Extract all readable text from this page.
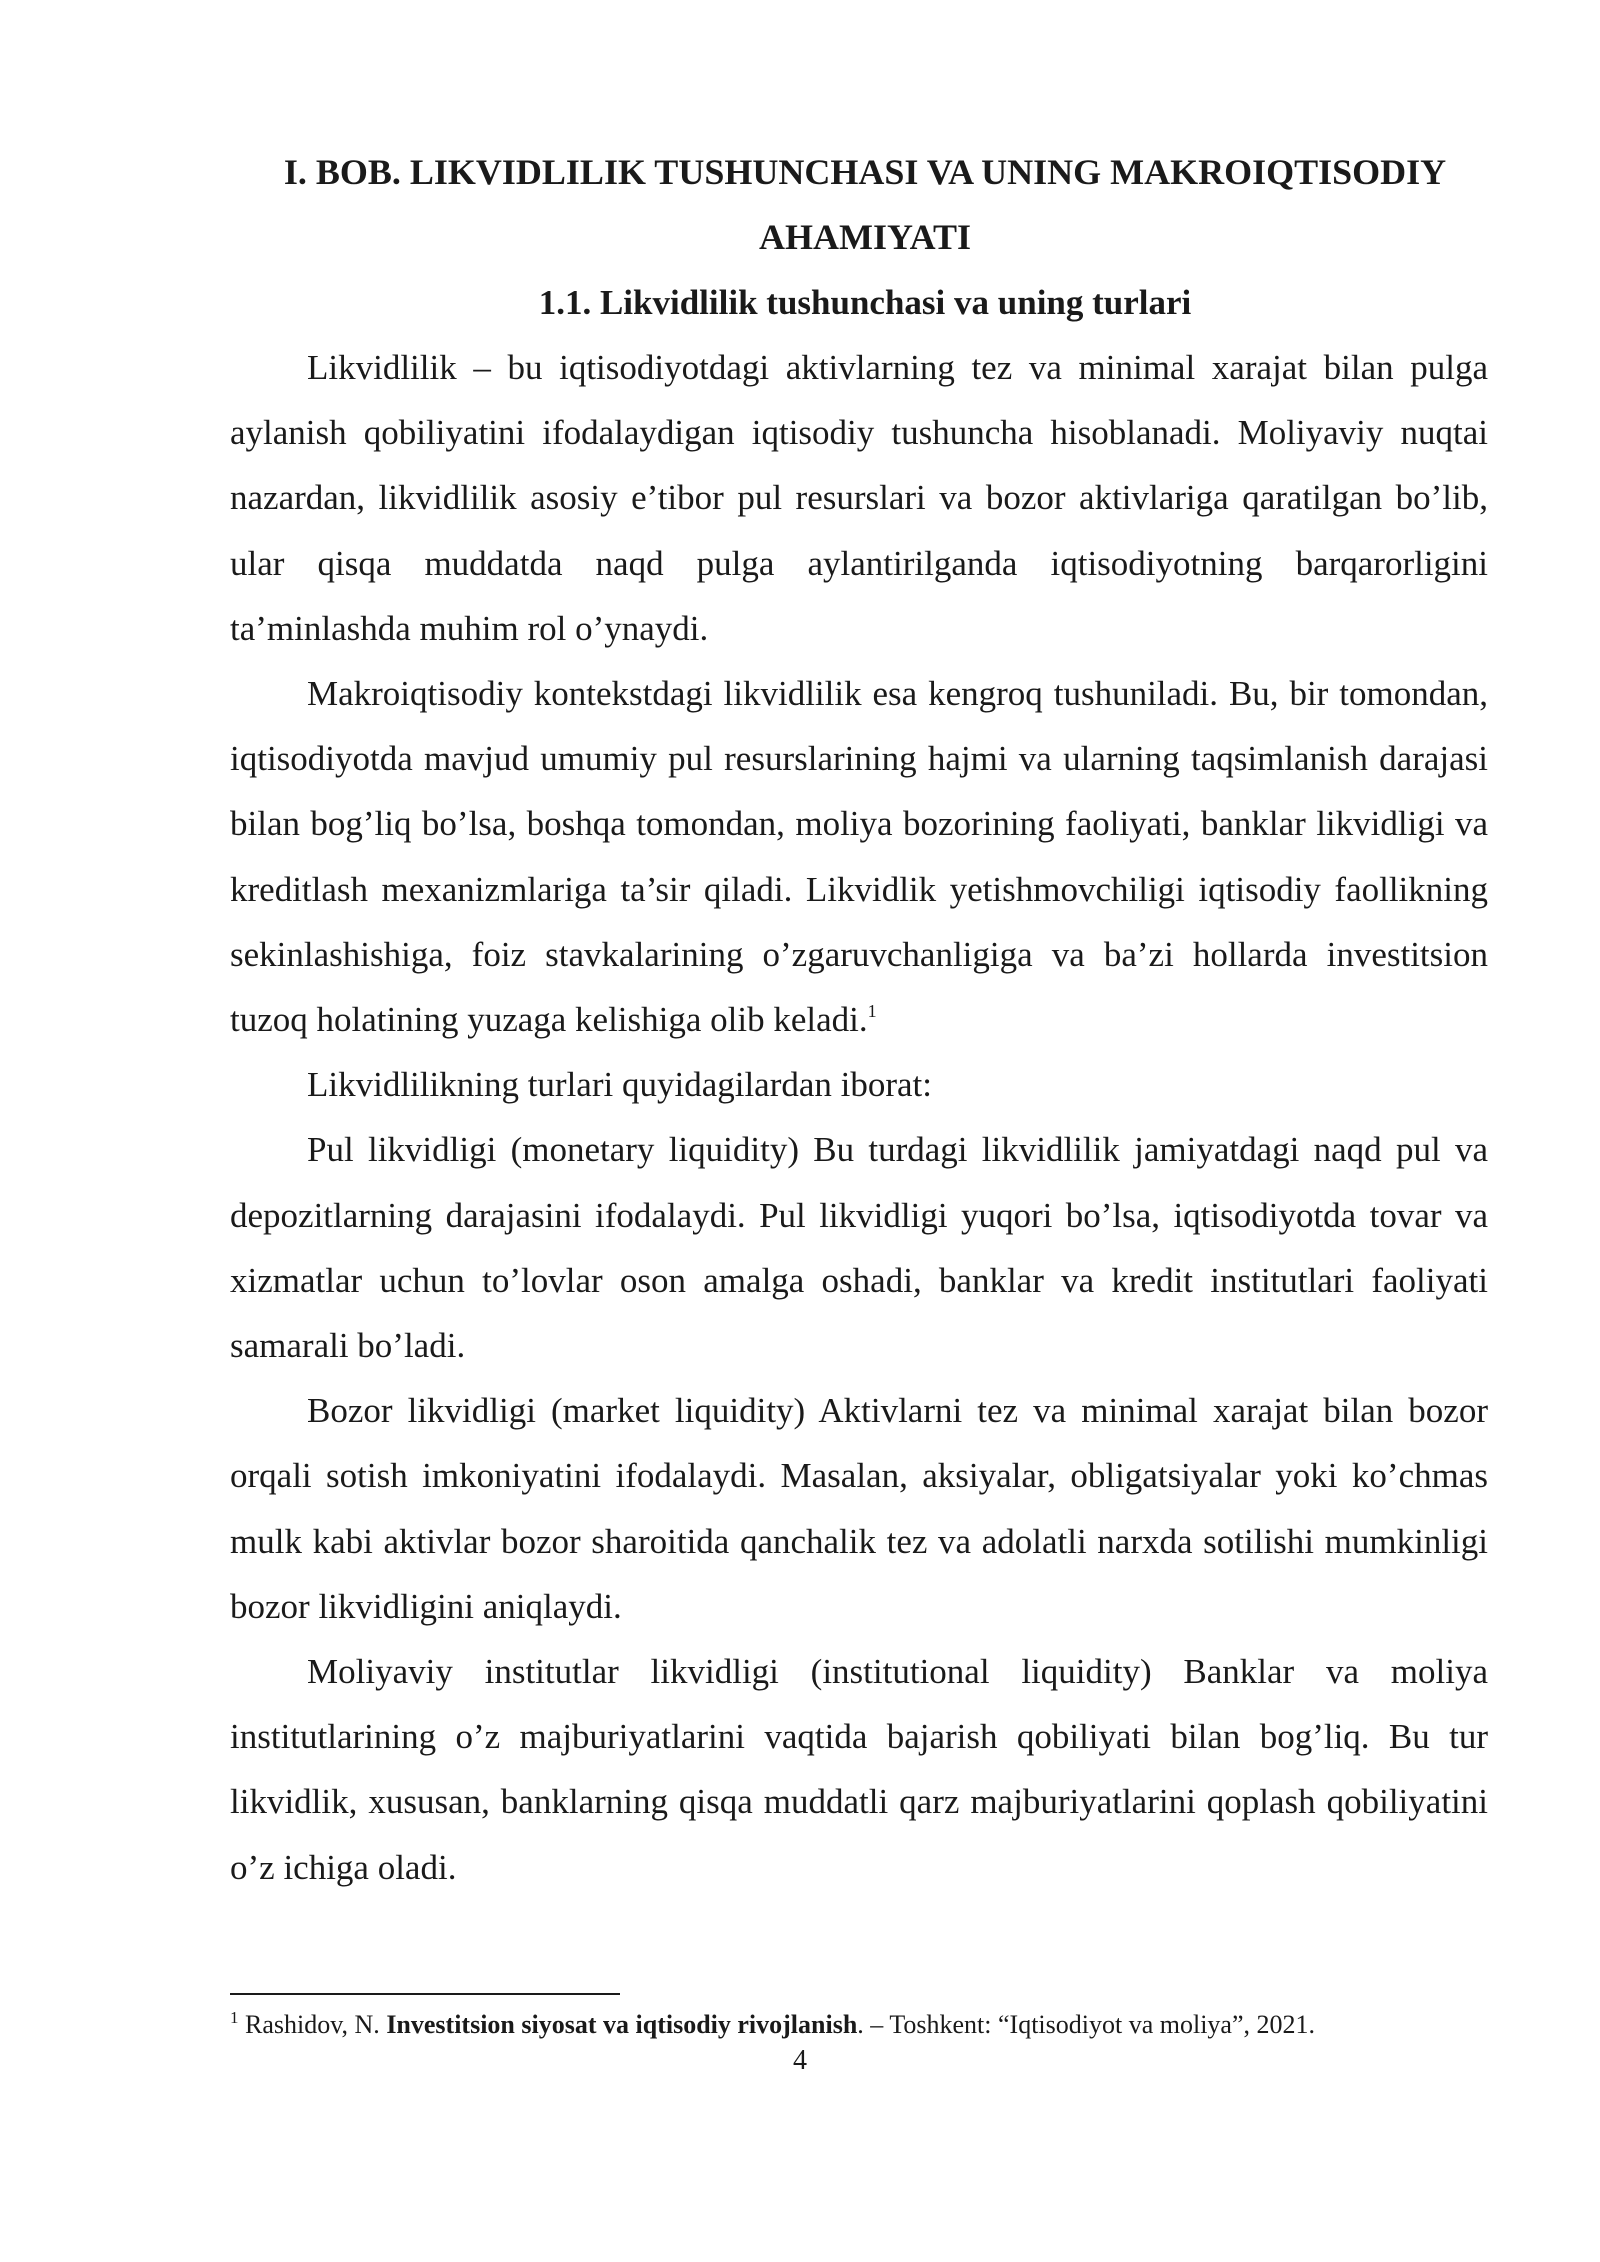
I. BOB. LIKVIDLILIK TUSHUNCHASI VA UNING MAKROIQTISODIY

AHAMIYATI

1.1. Likvidlilik tushunchasi va uning turlari

Likvidlilik – bu iqtisodiyotdagi aktivlarning tez va minimal xarajat bilan pulga aylanish qobiliyatini ifodalaydigan iqtisodiy tushuncha hisoblanadi. Moliyaviy nuqtai nazardan, likvidlilik asosiy e’tibor pul resurslari va bozor aktivlariga qaratilgan bo’lib, ular qisqa muddatda naqd pulga aylantirilganda iqtisodiyotning barqarorligini ta’minlashda muhim rol o’ynaydi.

Makroiqtisodiy kontekstdagi likvidlilik esa kengroq tushuniladi. Bu, bir tomondan, iqtisodiyotda mavjud umumiy pul resurslarining hajmi va ularning taqsimlanish darajasi bilan bog’liq bo’lsa, boshqa tomondan, moliya bozorining faoliyati, banklar likvidligi va kreditlash mexanizmlariga ta’sir qiladi. Likvidlik yetishmovchiligi iqtisodiy faollikning sekinlashishiga, foiz stavkalarining o’zgaruvchanligiga va ba’zi hollarda investitsion tuzoq holatining yuzaga kelishiga olib keladi.$^1$

Likvidlilikning turlari quyidagilardan iborat:

Pul likvidligi (monetary liquidity) Bu turdagi likvidlilik jamiyatdagi naqd pul va depozitlarning darajasini ifodalaydi. Pul likvidligi yuqori bo’lsa, iqtisodiyotda tovar va xizmatlar uchun to’lovlar oson amalga oshadi, banklar va kredit institutlari faoliyati samarali bo’ladi.

Bozor likvidligi (market liquidity) Aktivlarni tez va minimal xarajat bilan bozor orqali sotish imkoniyatini ifodalaydi. Masalan, aksiyalar, obligatsiyalar yoki ko’chmas mulk kabi aktivlar bozor sharoitida qanchalik tez va adolatli narxda sotilishi mumkinligi bozor likvidligini aniqlaydi.

Moliyaviy institutlar likvidligi (institutional liquidity) Banklar va moliya institutlarining o’z majburiyatlarini vaqtida bajarish qobiliyati bilan bog’liq. Bu tur likvidlik, xususan, banklarning qisqa muddatli qarz majburiyatlarini qoplash qobiliyatini o’z ichiga oladi.

$^1$ Rashidov, N. Investitsion siyosat va iqtisodiy rivojlanish. – Toshkent: “Iqtisodiyot va moliya”, 2021.
4
